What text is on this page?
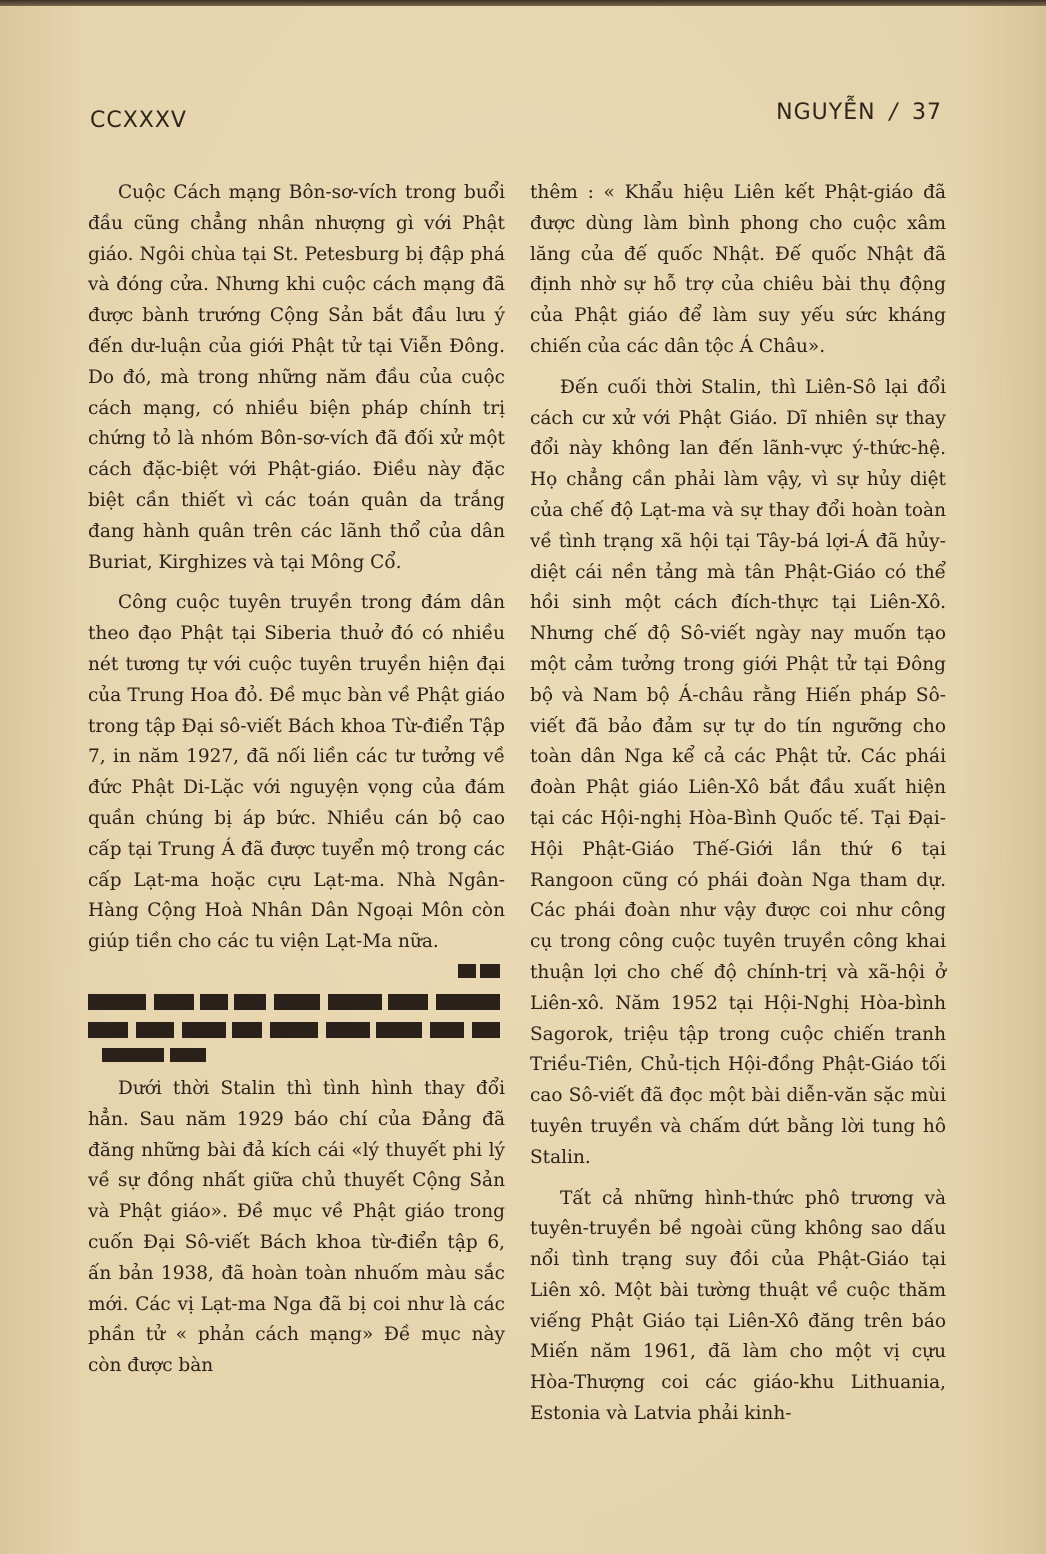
CCXXXV	NGUYỄN / 37

Cuộc Cách mạng Bôn-sơ-vích trong buổi đầu cũng chẳng nhân nhượng gì với Phật giáo. Ngôi chùa tại St. Petesburg bị đập phá và đóng cửa. Nhưng khi cuộc cách mạng đã được bành trướng Cộng Sản bắt đầu lưu ý đến dư-luận của giới Phật tử tại Viễn Đông. Do đó, mà trong những năm đầu của cuộc cách mạng, có nhiều biện pháp chính trị chứng tỏ là nhóm Bôn-sơ-vích đã đối xử một cách đặc-biệt với Phật-giáo. Điều này đặc biệt cần thiết vì các toán quân da trắng đang hành quân trên các lãnh thổ của dân Buriat, Kirghizes và tại Mông Cổ.

Công cuộc tuyên truyền trong đám dân theo đạo Phật tại Siberia thuở đó có nhiều nét tương tự với cuộc tuyên truyền hiện đại của Trung Hoa đỏ. Đề mục bàn về Phật giáo trong tập Đại sô-viết Bách khoa Từ-điển Tập 7, in năm 1927, đã nối liền các tư tưởng về đức Phật Di-Lặc với nguyện vọng của đám quần chúng bị áp bức. Nhiều cán bộ cao cấp tại Trung Á đã được tuyển mộ trong các cấp Lạt-ma hoặc cựu Lạt-ma. Nhà Ngân-Hàng Cộng Hoà Nhân Dân Ngoại Môn còn giúp tiền cho các tu viện Lạt-Ma nữa.

Dưới thời Stalin thì tình hình thay đổi hẳn. Sau năm 1929 báo chí của Đảng đã đăng những bài đả kích cái «lý thuyết phi lý về sự đồng nhất giữa chủ thuyết Cộng Sản và Phật giáo». Đề mục về Phật giáo trong cuốn Đại Sô-viết Bách khoa từ-điển tập 6, ấn bản 1938, đã hoàn toàn nhuốm màu sắc mới. Các vị Lạt-ma Nga đã bị coi như là các phần tử « phản cách mạng» Đề mục này còn được bàn

thêm : « Khẩu hiệu Liên kết Phật-giáo đã được dùng làm bình phong cho cuộc xâm lăng của đế quốc Nhật. Đế quốc Nhật đã định nhờ sự hỗ trợ của chiêu bài thụ động của Phật giáo để làm suy yếu sức kháng chiến của các dân tộc Á Châu».

Đến cuối thời Stalin, thì Liên-Sô lại đổi cách cư xử với Phật Giáo. Dĩ nhiên sự thay đổi này không lan đến lãnh-vực ý-thức-hệ. Họ chẳng cần phải làm vậy, vì sự hủy diệt của chế độ Lạt-ma và sự thay đổi hoàn toàn về tình trạng xã hội tại Tây-bá lợi-Á đã hủy-diệt cái nền tảng mà tân Phật-Giáo có thể hồi sinh một cách đích-thực tại Liên-Xô. Nhưng chế độ Sô-viết ngày nay muốn tạo một cảm tưởng trong giới Phật tử tại Đông bộ và Nam bộ Á-châu rằng Hiến pháp Sô-viết đã bảo đảm sự tự do tín ngưỡng cho toàn dân Nga kể cả các Phật tử. Các phái đoàn Phật giáo Liên-Xô bắt đầu xuất hiện tại các Hội-nghị Hòa-Bình Quốc tế. Tại Đại-Hội Phật-Giáo Thế-Giới lần thứ 6 tại Rangoon cũng có phái đoàn Nga tham dự. Các phái đoàn như vậy được coi như công cụ trong công cuộc tuyên truyền công khai thuận lợi cho chế độ chính-trị và xã-hội ở Liên-xô. Năm 1952 tại Hội-Nghị Hòa-bình Sagorok, triệu tập trong cuộc chiến tranh Triều-Tiên, Chủ-tịch Hội-đồng Phật-Giáo tối cao Sô-viết đã đọc một bài diễn-văn sặc mùi tuyên truyền và chấm dứt bằng lời tung hô Stalin.

Tất cả những hình-thức phô trương và tuyên-truyền bề ngoài cũng không sao dấu nổi tình trạng suy đồi của Phật-Giáo tại Liên xô. Một bài tường thuật về cuộc thăm viếng Phật Giáo tại Liên-Xô đăng trên báo Miến năm 1961, đã làm cho một vị cựu Hòa-Thượng coi các giáo-khu Lithuania, Estonia và Latvia phải kinh-
